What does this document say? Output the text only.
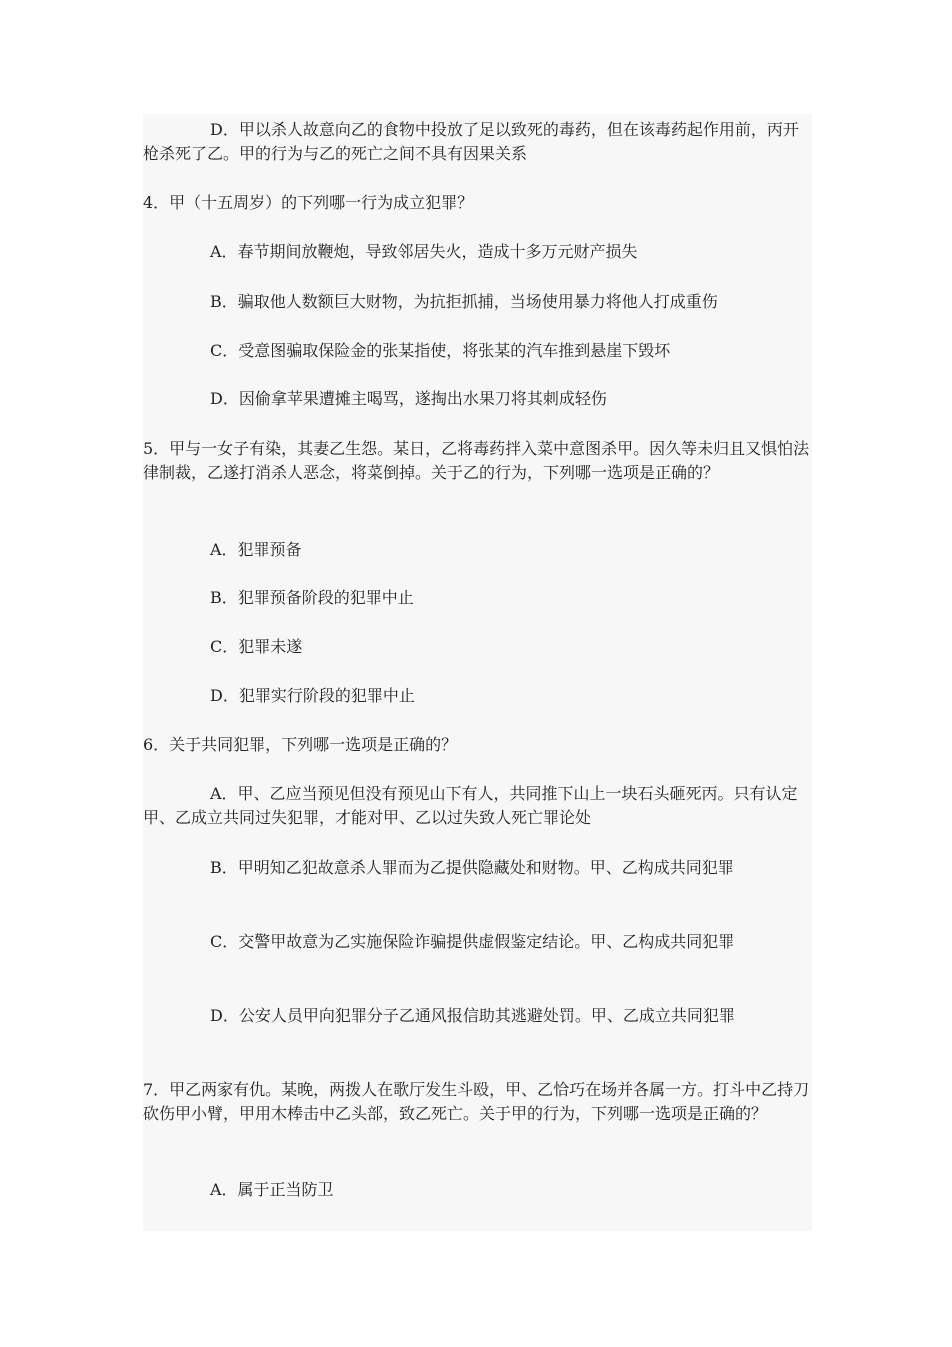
D．甲以杀人故意向乙的食物中投放了足以致死的毒药，但在该毒药起作用前，丙开枪杀死了乙。甲的行为与乙的死亡之间不具有因果关系

4．甲（十五周岁）的下列哪一行为成立犯罪？

A．春节期间放鞭炮，导致邻居失火，造成十多万元财产损失

B．骗取他人数额巨大财物，为抗拒抓捕，当场使用暴力将他人打成重伤

C．受意图骗取保险金的张某指使，将张某的汽车推到悬崖下毁坏

D．因偷拿苹果遭摊主喝骂，遂掏出水果刀将其刺成轻伤

5．甲与一女子有染，其妻乙生怨。某日，乙将毒药拌入菜中意图杀甲。因久等未归且又惧怕法律制裁，乙遂打消杀人恶念，将菜倒掉。关于乙的行为，下列哪一选项是正确的？

A．犯罪预备

B．犯罪预备阶段的犯罪中止

C．犯罪未遂

D．犯罪实行阶段的犯罪中止

6．关于共同犯罪，下列哪一选项是正确的？

A．甲、乙应当预见但没有预见山下有人，共同推下山上一块石头砸死丙。只有认定甲、乙成立共同过失犯罪，才能对甲、乙以过失致人死亡罪论处

B．甲明知乙犯故意杀人罪而为乙提供隐藏处和财物。甲、乙构成共同犯罪

C．交警甲故意为乙实施保险诈骗提供虚假鉴定结论。甲、乙构成共同犯罪

D．公安人员甲向犯罪分子乙通风报信助其逃避处罚。甲、乙成立共同犯罪

7．甲乙两家有仇。某晚，两拨人在歌厅发生斗殴，甲、乙恰巧在场并各属一方。打斗中乙持刀砍伤甲小臂，甲用木棒击中乙头部，致乙死亡。关于甲的行为，下列哪一选项是正确的？

A．属于正当防卫
